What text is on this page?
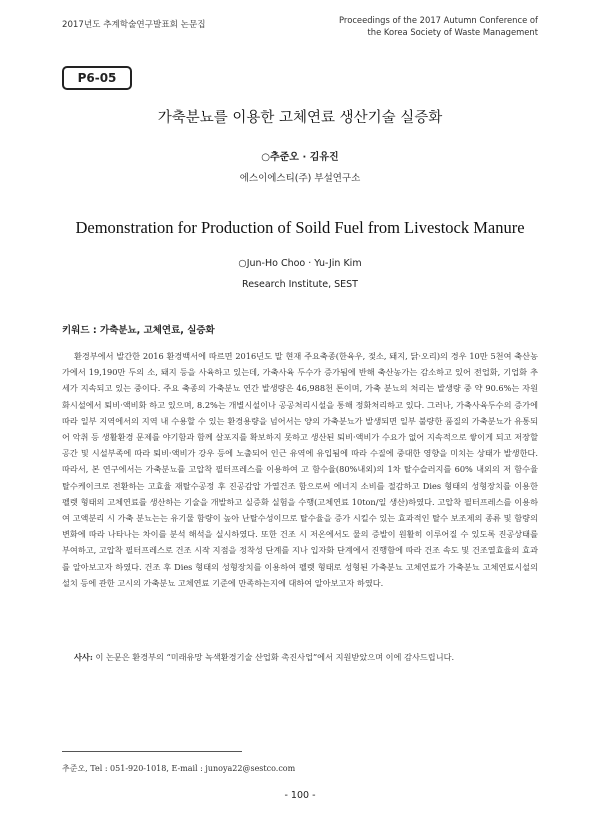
2017년도 추계학술연구발표회 논문집	Proceedings of the 2017 Autumn Conference of
the Korea Society of Waste Management
P6-05
가축분뇨를 이용한 고체연료 생산기술 실증화
○추준오 · 김유진
에스이에스티(주) 부설연구소
Demonstration for Production of Soild Fuel from Livestock Manure
○Jun-Ho Choo · Yu-Jin Kim
Research Institute, SEST
키워드 : 가축분뇨, 고체연료, 실증화
환경부에서 발간한 2016 환경백서에 따르면 2016년도 말 현재 주요축종(한육우, 젖소, 돼지, 닭·오리)의 경우 10만 5천여 축산농가에서 19,190만 두의 소, 돼지 등을 사육하고 있는데, 가축사육 두수가 증가됨에 반해 축산농가는 감소하고 있어 전업화, 기업화 추세가 지속되고 있는 중이다. 주요 축종의 가축분뇨 연간 발생량은 46,988천 톤이며, 가축 분뇨의 처리는 발생량 중 약 90.6%는 자원화시설에서 퇴비·액비화 하고 있으며, 8.2%는 개별시설이나 공공처리시설을 통해 정화처리하고 있다. 그러나, 가축사육두수의 증가에 따라 일부 지역에서의 지역 내 수용할 수 있는 환경용량을 넘어서는 양의 가축분뇨가 발생되면 일부 불량한 품질의 가축분뇨가 유통되어 악취 등 생활환경 문제를 야기함과 함께 살포지를 확보하지 못하고 생산된 퇴비·액비가 수요가 없어 지속적으로 쌓이게 되고 저장할 공간 및 시설부족에 따라 퇴비·액비가 강우 등에 노출되어 인근 유역에 유입됨에 따라 수질에 중대한 영향을 미치는 상태가 발생한다. 따라서, 본 연구에서는 가축분뇨를 고압착 필터프레스를 이용하여 고 함수율(80%내외)의 1차 탈수슬러지를 60% 내외의 저 함수율 탈수케이크로 전환하는 고효율 재탈수공정 후 진공감압 가열건조 함으로써 에너지 소비를 절감하고 Dies 형태의 성형장치를 이용한 펠렛 형태의 고체연료를 생산하는 기술을 개발하고 실증화 실험을 수행(고체연료 10ton/일 생산)하였다. 고압착 필터프레스를 이용하여 고액분리 시 가축 분뇨는는 유기물 함량이 높아 난탈수성이므로 탈수율을 증가 시킬수 있는 효과적인 탈수 보조제의 종류 및 함량의 변화에 따라 나타나는 차이를 분석 해석을 실시하였다. 또한 건조 시 저온에서도 물의 증발이 원활히 이루어질 수 있도록 진공상태를 부여하고, 고압착 필터프레스로 건조 시작 지점을 정착성 단계를 지나 입자화 단계에서 진행함에 따라 건조 속도 및 건조열효율의 효과를 알아보고자 하였다. 건조 후 Dies 형태의 성형장치를 이용하여 펠렛 형태로 성형된 가축분뇨 고체연료가 가축분뇨 고체연료시설의 설치 등에 관한 고시의 가축분뇨 고체연료 기준에 만족하는지에 대하여 알아보고자 하였다.
사사: 이 논문은 환경부의 “미래유망 녹색환경기술 산업화 촉진사업”에서 지원받았으며 이에 감사드립니다.
추준오, Tel : 051-920-1018, E-mail : junoya22@sestco.com
- 100 -
